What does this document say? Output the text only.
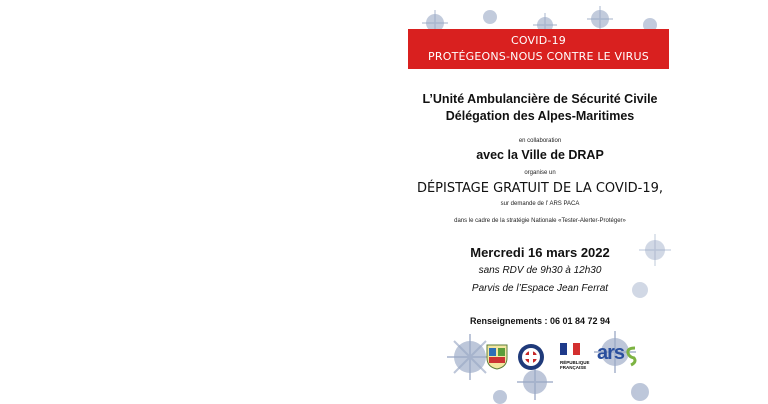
COVID-19
PROTÉGEONS-NOUS CONTRE LE VIRUS
L’Unité Ambulancière de Sécurité Civile
Délégation des Alpes-Maritimes
en collaboration
avec la Ville de DRAP
organise un
DÉPISTAGE GRATUIT DE LA COVID-19,
sur demande de l’ ARS PACA
dans le cadre de la stratégie Nationale «Tester-Alerter-Protéger»
Mercredi 16 mars 2022
sans RDV de 9h30 à 12h30
Parvis de l’Espace Jean Ferrat
Renseignements : 06 01 84 72 94
RÉPUBLIQUE
FRANÇAISE
ars
